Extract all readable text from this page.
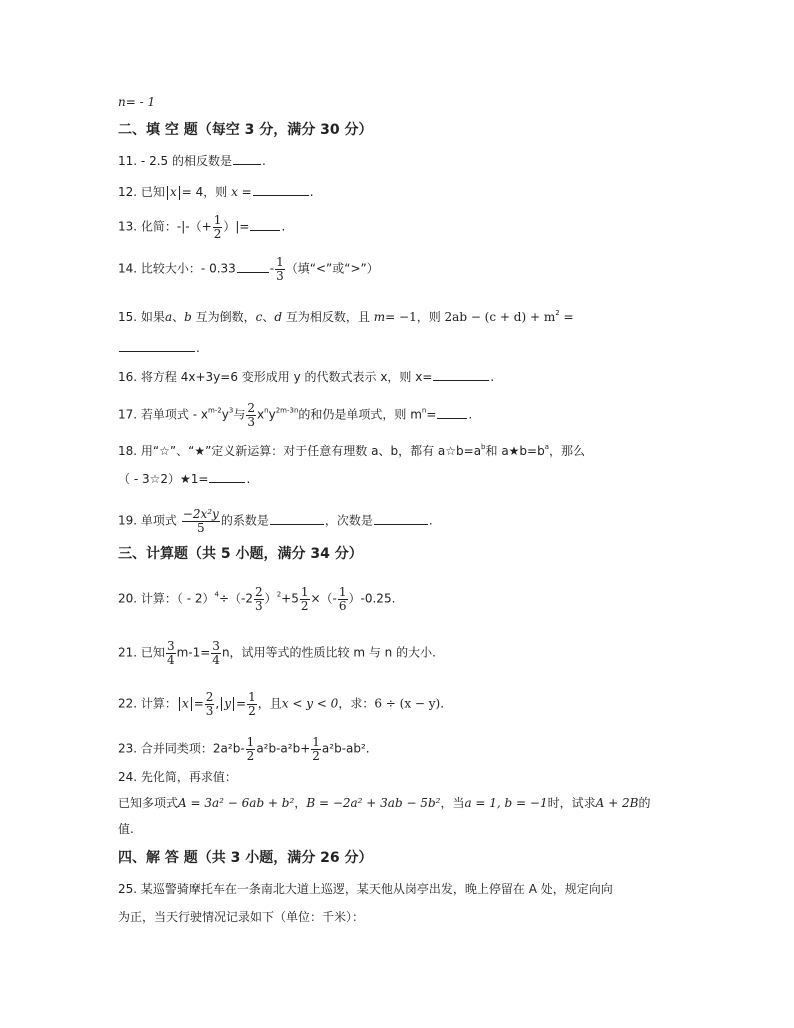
n= - 1
二、填 空 题（每空 3 分，满分 30 分）
11. - 2.5 的相反数是	.
12. 已知 x = 4，则 x =	.
13. 化简：-|-（+ $\frac{1}{2}$ ）|=	.
14. 比较大小：- 0.33	- $\frac{1}{3}$ （填“<”或“>”）
15. 如果a、b 互为倒数，c、d 互为相反数，且 m= −1，则 $2ab - (c + d) + m^2$ =
.
16. 将方程 4x+3y=6 变形成用 y 的代数式表示 x，则 x=	.
17. 若单项式 - $x^{m-2}y^3$与 $\frac{2}{3} x^ny^{2m-3n}$的和仍是单项式，则 $m^n=$	.
18. 用“☆”、“★”定义新运算：对于任意有理数 a、b，都有 $a☆b=a^b$和 $a★b=b^a$，那么
（ - 3☆2）★1=	.
19. 单项式 $\frac{\text{−2x²y}}{5}$ 的系数是	，次数是	.
三、计算题（共 5 小题，满分 34 分）
20. 计算：（ - $2)^4\div(-2 \frac{2}{3} )^2+5 \frac{1}{2}$ ×（- $\frac{1}{6} )-0.25$.
21. 已知 $\frac{3}{4} m-1= \frac{3}{4}$ n，试用等式的性质比较 m 与 n 的大小.
22. 计算： $x = \frac{2}{3}$ , $y = \frac{1}{2}$ ，且x < y < 0，求：6 ÷ (x − y).
23. 合并同类项：$2a^2b- \frac{1}{2} a^2b-a^2b+ \frac{1}{2} a^2b-ab^2$.
24. 先化简，再求值：
已知多项式A = 3a² − 6ab + b²，B = −2a² + 3ab − 5b²，当a = 1, b = −1时，试求A + 2B的
值.
四、解 答 题（共 3 小题，满分 26 分）
25. 某巡警骑摩托车在一条南北大道上巡逻，某天他从岗亭出发，晚上停留在 A 处，规定向向
为正，当天行驶情况记录如下（单位：千米）：
